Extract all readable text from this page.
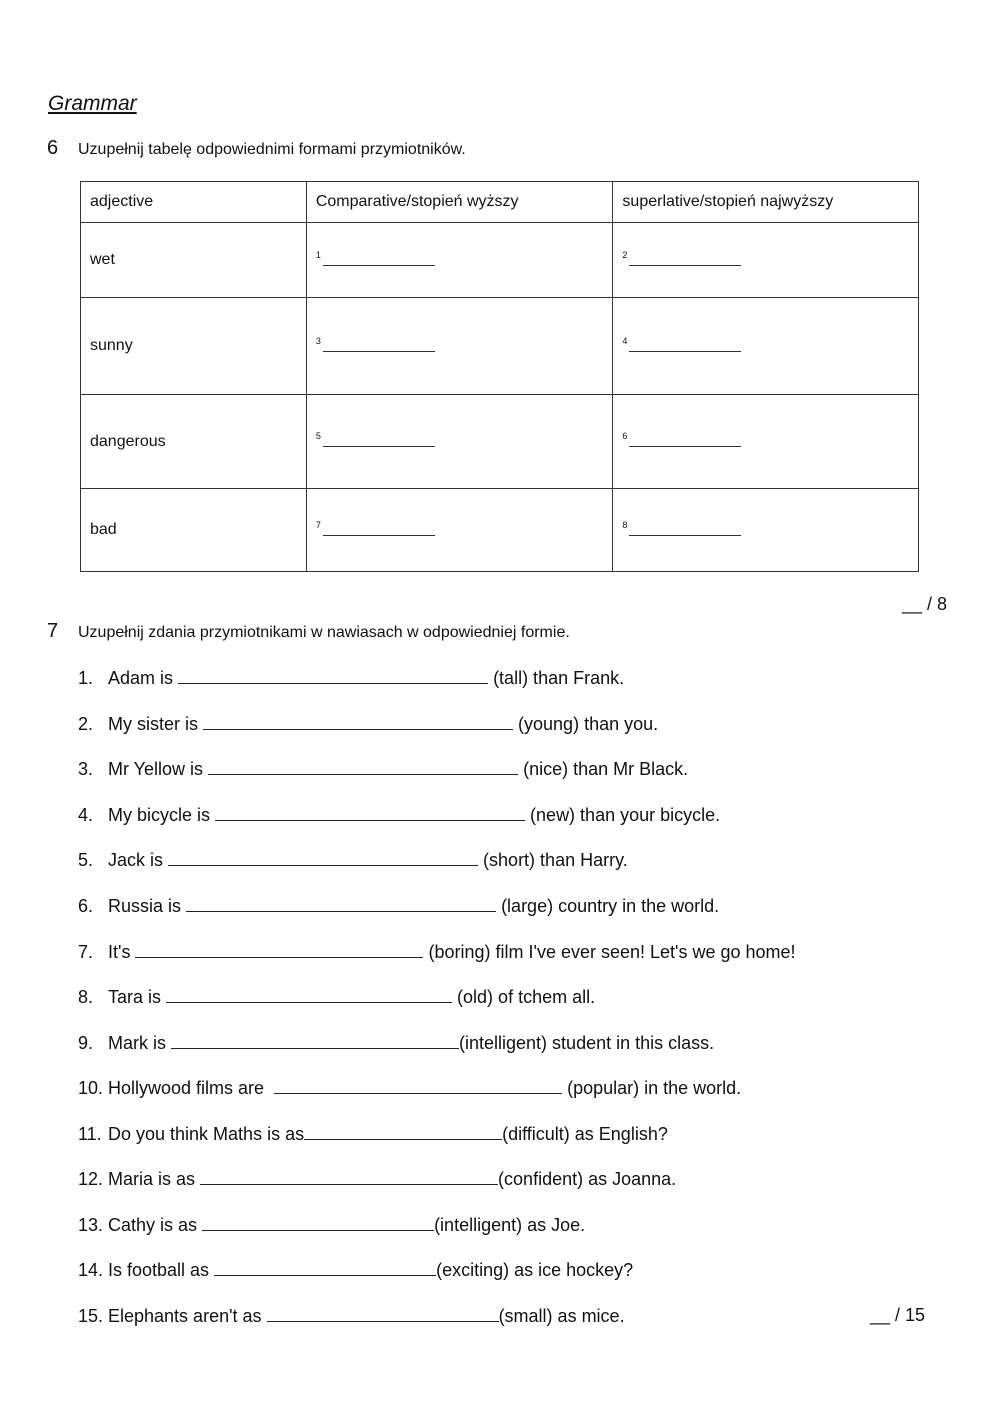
Grammar
6 Uzupełnij tabelę odpowiednimi formami przymiotników.
adjective	Comparative/stopień wyższy	superlative/stopień najwyższy
wet	$^1$	$^2$
sunny	$^3$	$^4$
dangerous	$^5$	$^6$
bad	$^7$	$^8$
__ / 8
7 Uzupełnij zdania przymiotnikami w nawiasach w odpowiedniej formie.
1. Adam is	(tall) than Frank.
2. My sister is	(young) than you.
3. Mr Yellow is	(nice) than Mr Black.
4. My bicycle is	(new) than your bicycle.
5. Jack is	(short) than Harry.
6. Russia is	(large) country in the world.
7. It's	(boring) film I've ever seen! Let's we go home!
8. Tara is	(old) of tchem all.
9. Mark is	(intelligent) student in this class.
10. Hollywood films are	(popular) in the world.
11. Do you think Maths is as	(difficult) as English?
12. Maria is as	(confident) as Joanna.
13. Cathy is as	(intelligent) as Joe.
14. Is football as	(exciting) as ice hockey?
15. Elephants aren't as	(small) as mice.	__ / 15
